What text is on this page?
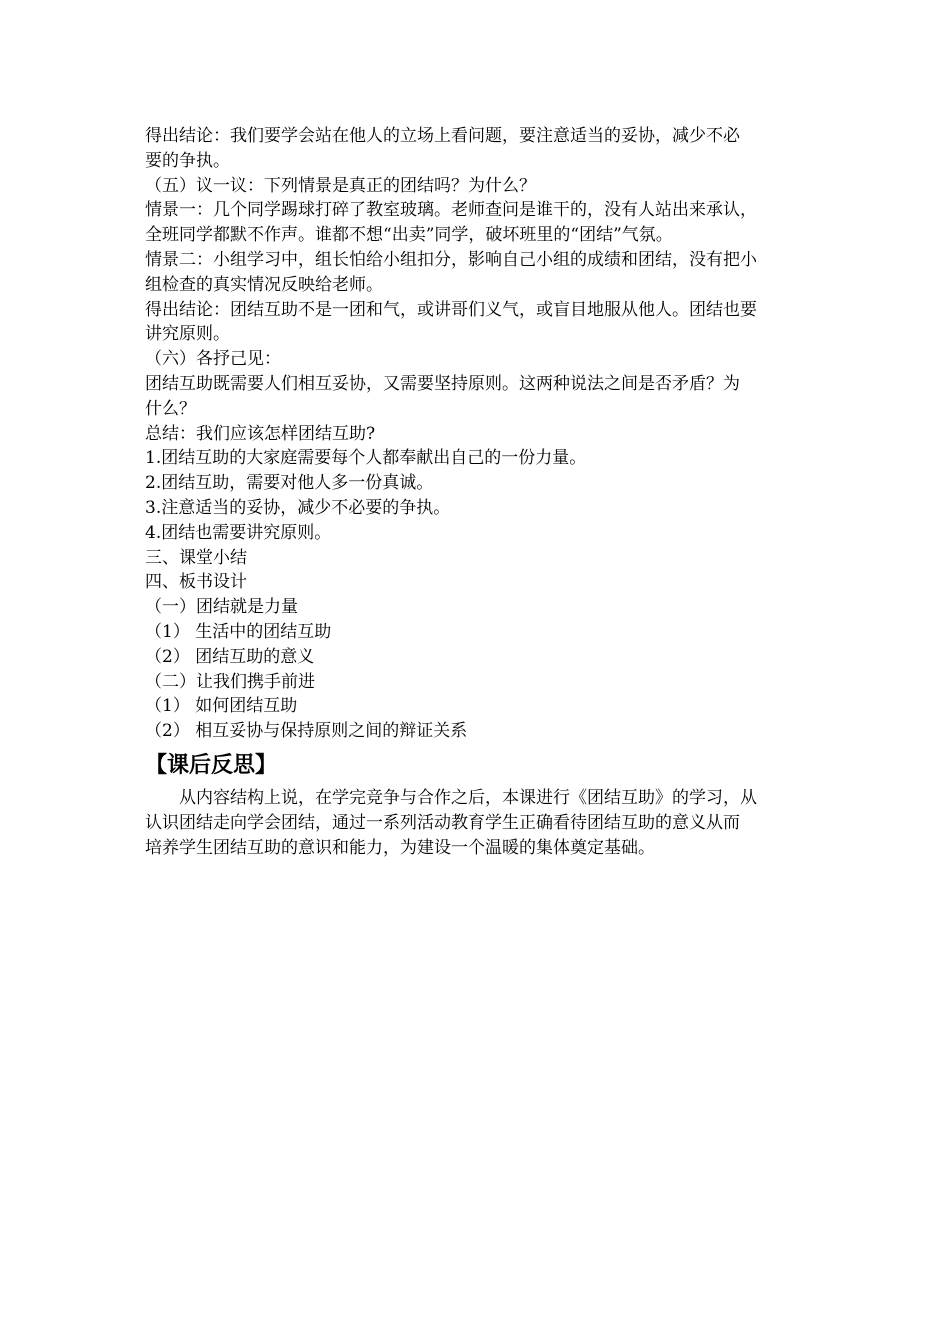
得出结论：我们要学会站在他人的立场上看问题，要注意适当的妥协，减少不必
要的争执。
（五）议一议：下列情景是真正的团结吗？为什么？
情景一：几个同学踢球打碎了教室玻璃。老师查问是谁干的，没有人站出来承认，
全班同学都默不作声。谁都不想“出卖”同学，破坏班里的“团结”气氛。
情景二：小组学习中，组长怕给小组扣分，影响自己小组的成绩和团结，没有把小
组检查的真实情况反映给老师。
得出结论：团结互助不是一团和气，或讲哥们义气，或盲目地服从他人。团结也要
讲究原则。
（六）各抒己见：
团结互助既需要人们相互妥协，又需要坚持原则。这两种说法之间是否矛盾？为
什么？
总结：我们应该怎样团结互助?
1.团结互助的大家庭需要每个人都奉献出自己的一份力量。
2.团结互助，需要对他人多一份真诚。
3.注意适当的妥协，减少不必要的争执。
4.团结也需要讲究原则。
三、课堂小结
四、板书设计
（一）团结就是力量
（1） 生活中的团结互助
（2） 团结互助的意义
（二）让我们携手前进
（1） 如何团结互助
（2） 相互妥协与保持原则之间的辩证关系
【课后反思】
从内容结构上说，在学完竞争与合作之后，本课进行《团结互助》的学习，从
认识团结走向学会团结，通过一系列活动教育学生正确看待团结互助的意义从而
培养学生团结互助的意识和能力，为建设一个温暖的集体奠定基础。
